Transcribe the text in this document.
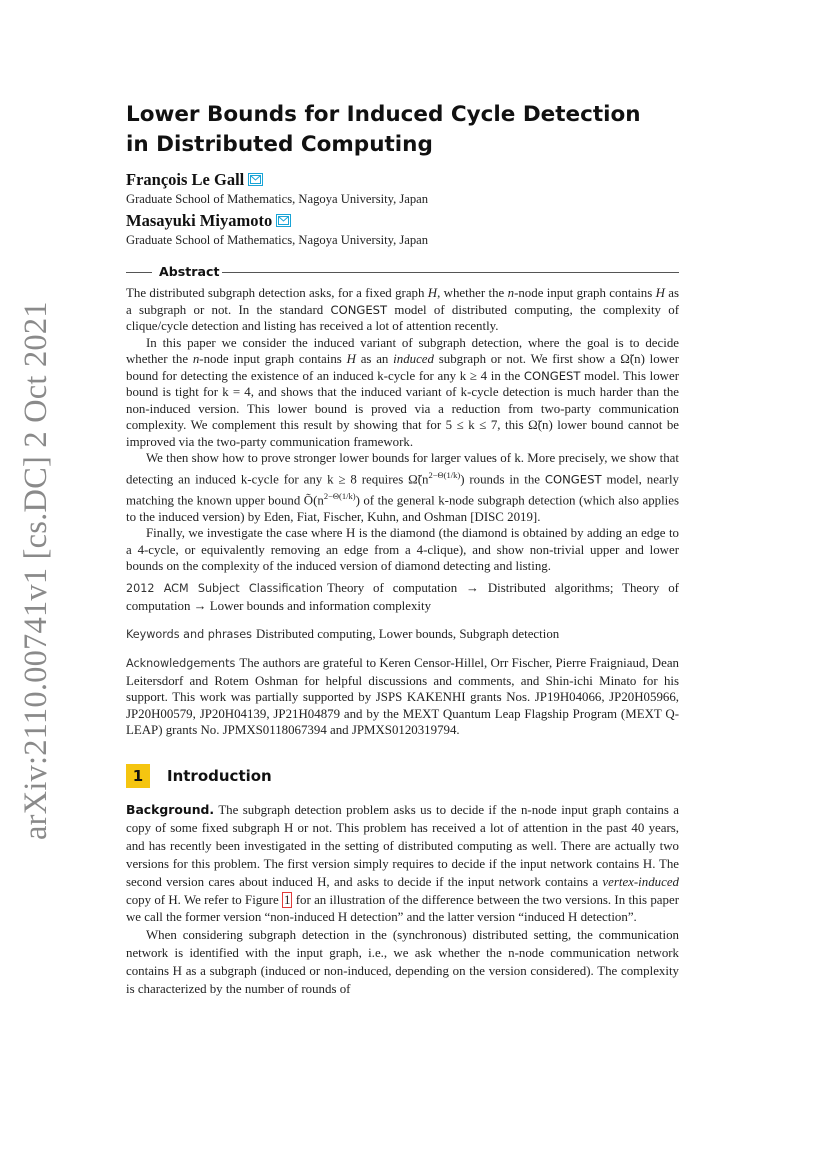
arXiv:2110.00741v1 [cs.DC] 2 Oct 2021
Lower Bounds for Induced Cycle Detection
in Distributed Computing
François Le Gall
Graduate School of Mathematics, Nagoya University, Japan
Masayuki Miyamoto
Graduate School of Mathematics, Nagoya University, Japan
Abstract

The distributed subgraph detection asks, for a fixed graph H, whether the n-node input graph contains H as a subgraph or not. In the standard CONGEST model of distributed computing, the complexity of clique/cycle detection and listing has received a lot of attention recently.

In this paper we consider the induced variant of subgraph detection, where the goal is to decide whether the n-node input graph contains H as an induced subgraph or not. We first show a Ω̃(n) lower bound for detecting the existence of an induced k-cycle for any k ≥ 4 in the CONGEST model. This lower bound is tight for k = 4, and shows that the induced variant of k-cycle detection is much harder than the non-induced version. This lower bound is proved via a reduction from two-party communication complexity. We complement this result by showing that for 5 ≤ k ≤ 7, this Ω̃(n) lower bound cannot be improved via the two-party communication framework.

We then show how to prove stronger lower bounds for larger values of k. More precisely, we show that detecting an induced k-cycle for any k ≥ 8 requires $\Omegã(n^{2-\Theta(1/k)})$ rounds in the CONGEST model, nearly matching the known upper bound $Õ(n^{2-\Theta(1/k)})$ of the general k-node subgraph detection (which also applies to the induced version) by Eden, Fiat, Fischer, Kuhn, and Oshman [DISC 2019].

Finally, we investigate the case where H is the diamond (the diamond is obtained by adding an edge to a 4-cycle, or equivalently removing an edge from a 4-clique), and show non-trivial upper and lower bounds on the complexity of the induced version of diamond detecting and listing.

2012 ACM Subject Classification Theory of computation → Distributed algorithms; Theory of computation → Lower bounds and information complexity

Keywords and phrases Distributed computing, Lower bounds, Subgraph detection

Acknowledgements The authors are grateful to Keren Censor-Hillel, Orr Fischer, Pierre Fraigniaud, Dean Leitersdorf and Rotem Oshman for helpful discussions and comments, and Shin-ichi Minato for his support. This work was partially supported by JSPS KAKENHI grants Nos. JP19H04066, JP20H05966, JP20H00579, JP20H04139, JP21H04879 and by the MEXT Quantum Leap Flagship Program (MEXT Q-LEAP) grants No. JPMXS0118067394 and JPMXS0120319794.

1	Introduction

Background. The subgraph detection problem asks us to decide if the n-node input graph contains a copy of some fixed subgraph H or not. This problem has received a lot of attention in the past 40 years, and has recently been investigated in the setting of distributed computing as well. There are actually two versions for this problem. The first version simply requires to decide if the input network contains H. The second version cares about induced H, and asks to decide if the input network contains a vertex-induced copy of H. We refer to Figure 1 for an illustration of the difference between the two versions. In this paper we call the former version “non-induced H detection” and the latter version “induced H detection”.

When considering subgraph detection in the (synchronous) distributed setting, the communication network is identified with the input graph, i.e., we ask whether the n-node communication network contains H as a subgraph (induced or non-induced, depending on the version considered). The complexity is characterized by the number of rounds of
